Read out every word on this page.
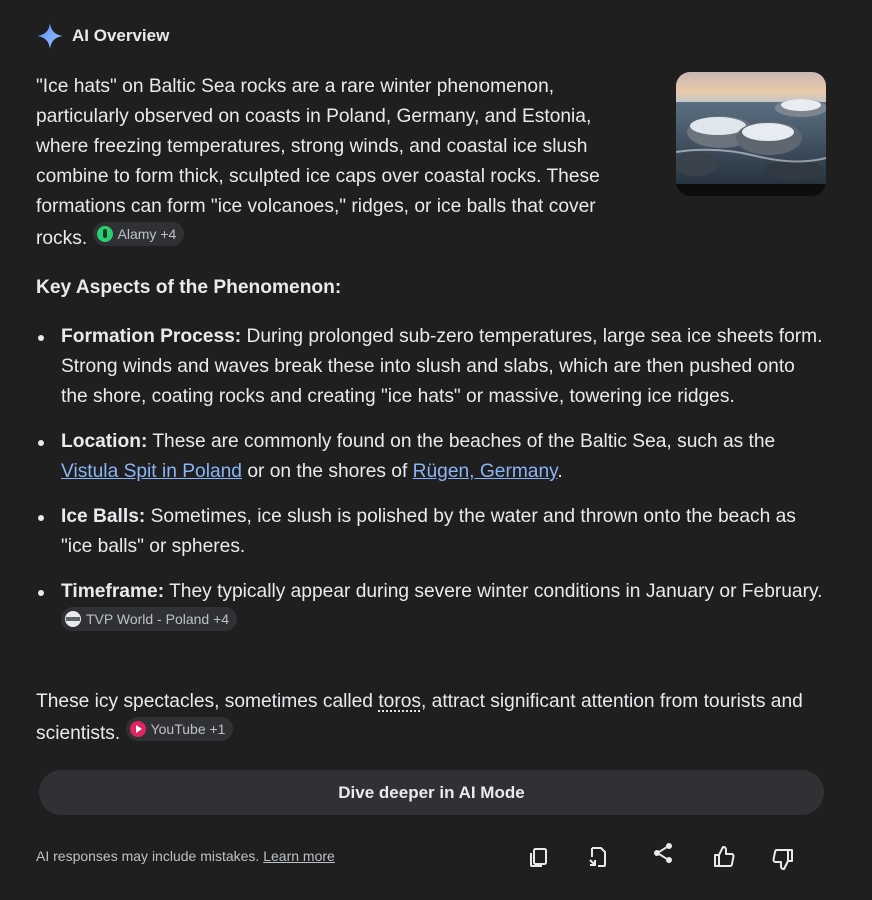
AI Overview
"Ice hats" on Baltic Sea rocks are a rare winter phenomenon, particularly observed on coasts in Poland, Germany, and Estonia, where freezing temperatures, strong winds, and coastal ice slush combine to form thick, sculpted ice caps over coastal rocks. These formations can form "ice volcanoes," ridges, or ice balls that cover rocks. Alamy +4
Key Aspects of the Phenomenon:
Formation Process: During prolonged sub-zero temperatures, large sea ice sheets form. Strong winds and waves break these into slush and slabs, which are then pushed onto the shore, coating rocks and creating "ice hats" or massive, towering ice ridges.
Location: These are commonly found on the beaches of the Baltic Sea, such as the Vistula Spit in Poland or on the shores of Rügen, Germany.
Ice Balls: Sometimes, ice slush is polished by the water and thrown onto the beach as "ice balls" or spheres.
Timeframe: They typically appear during severe winter conditions in January or February.
TVP World - Poland +4
These icy spectacles, sometimes called toros, attract significant attention from tourists and scientists. YouTube +1
Dive deeper in AI Mode
AI responses may include mistakes. Learn more
